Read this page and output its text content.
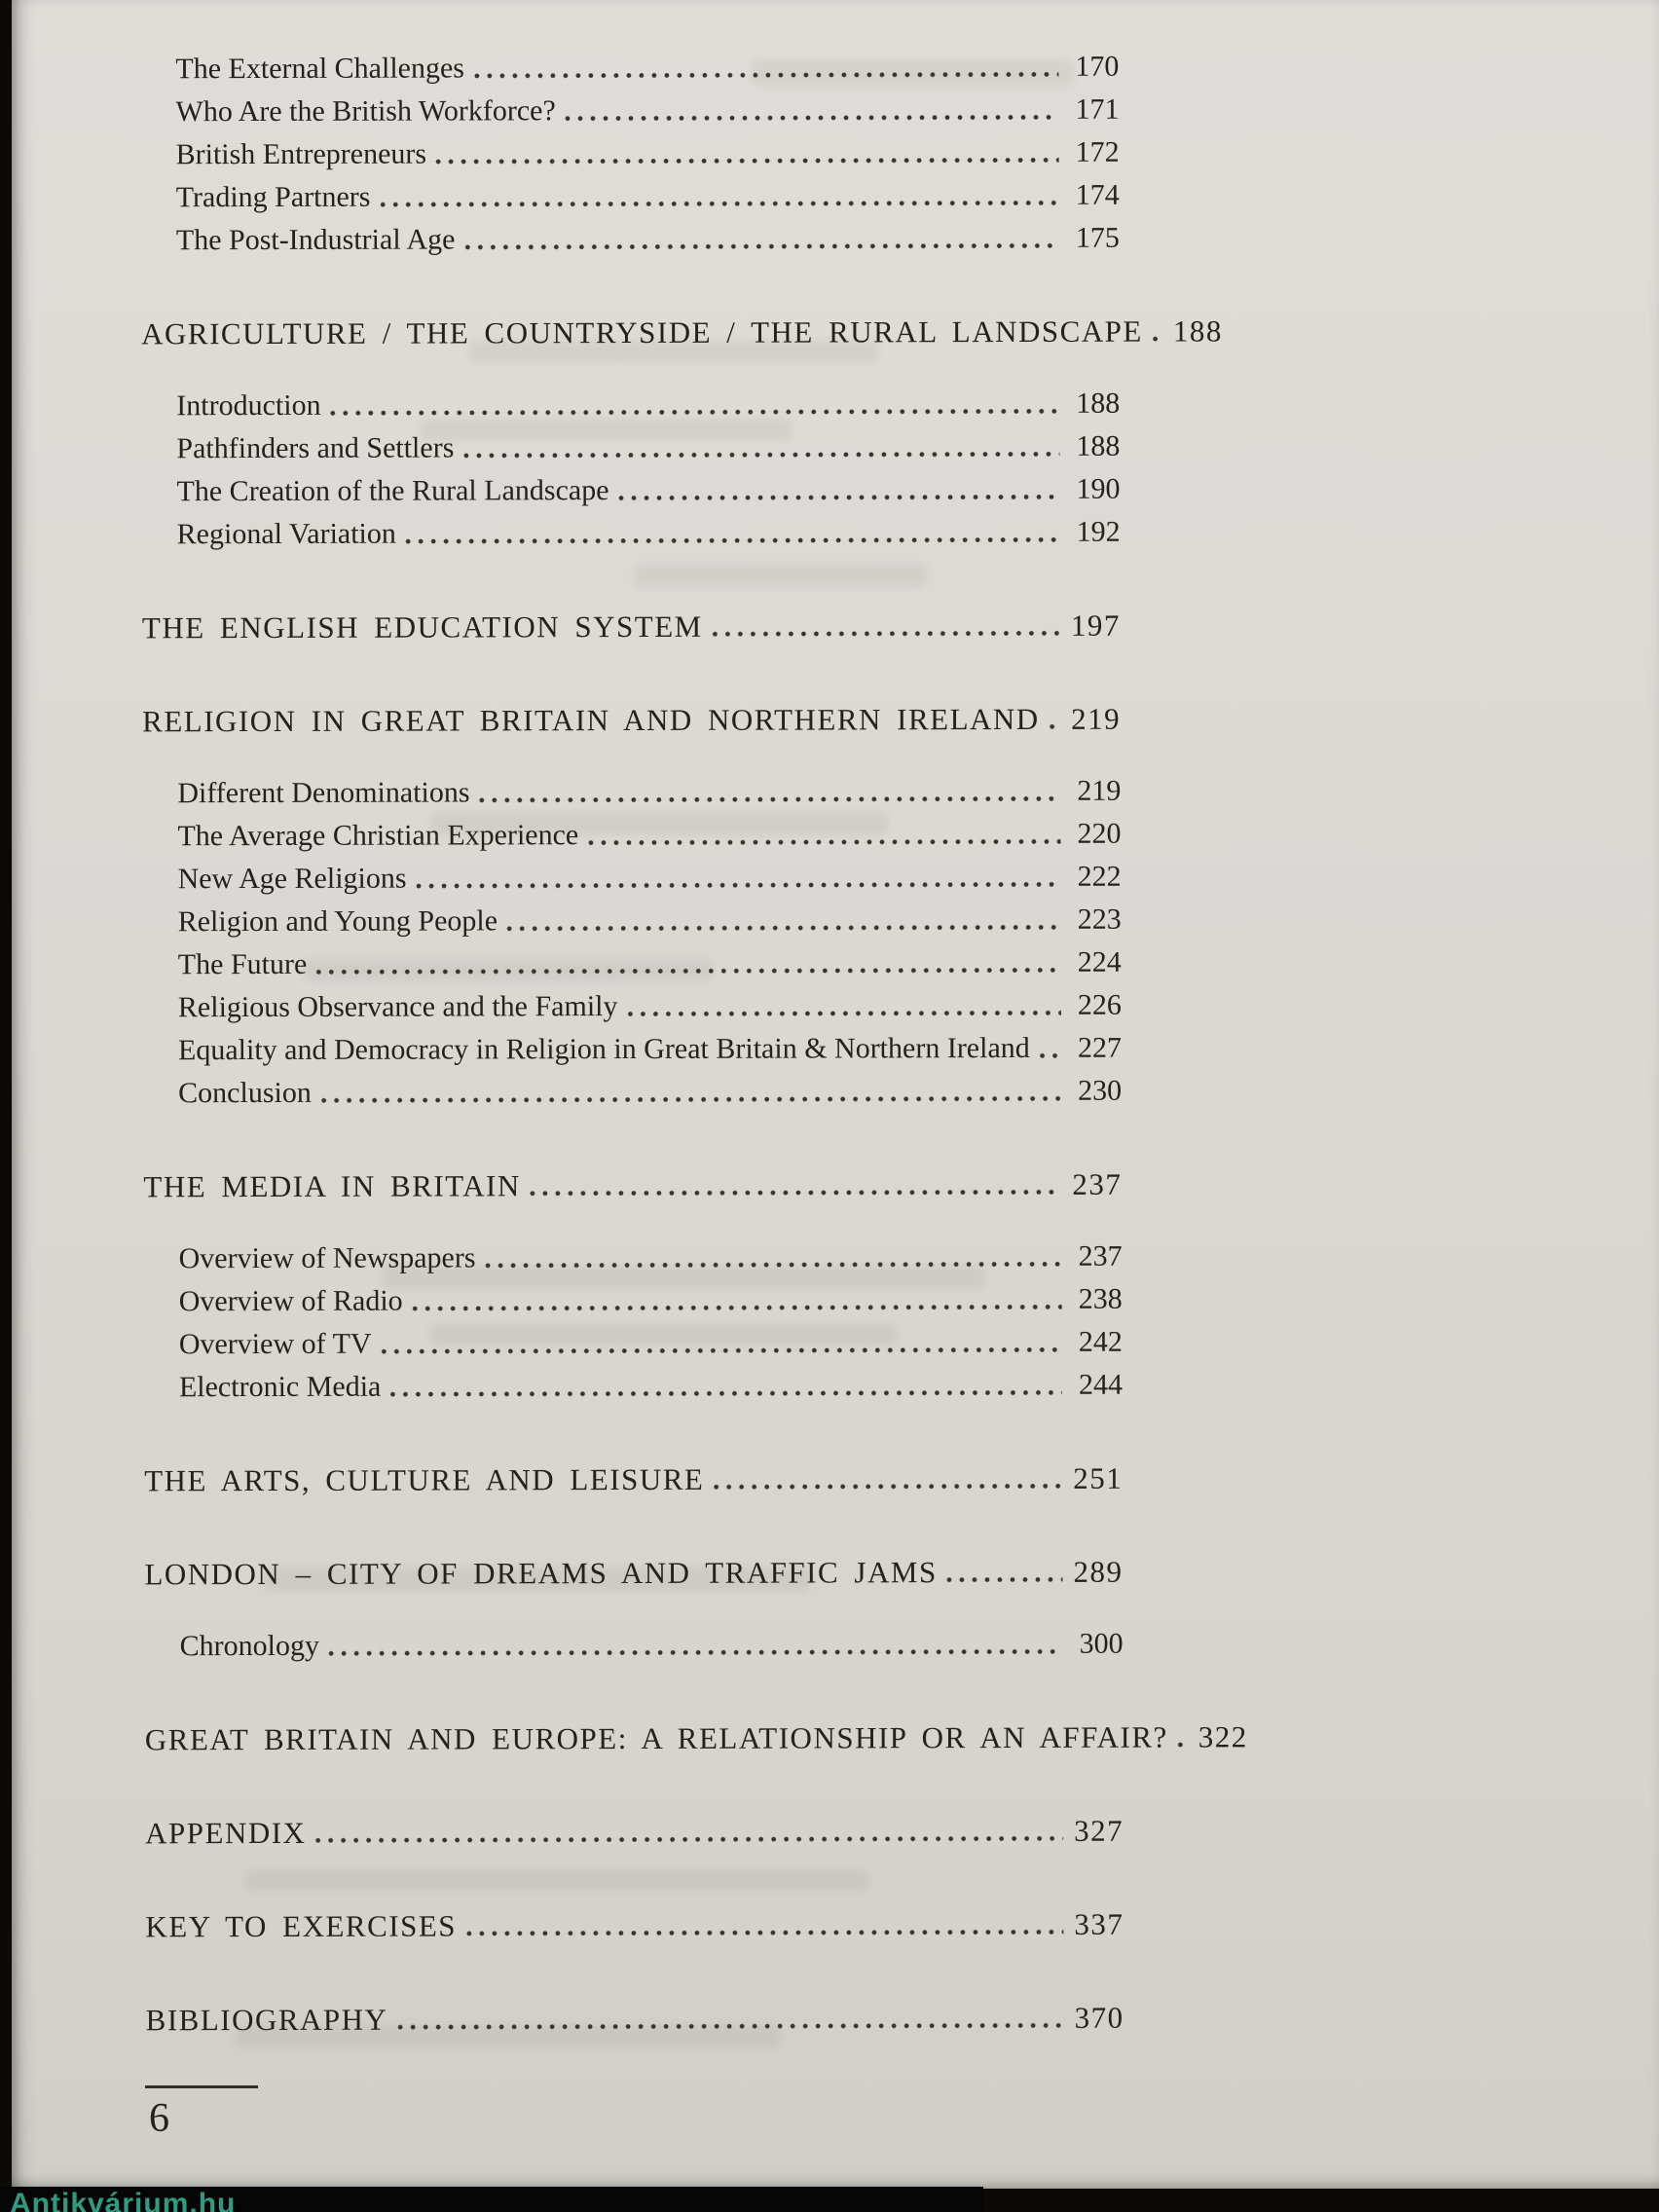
The External Challenges	170
Who Are the British Workforce?	171
British Entrepreneurs	172
Trading Partners	174
The Post-Industrial Age	175
AGRICULTURE / THE COUNTRYSIDE / THE RURAL LANDSCAPE 188
Introduction	188
Pathfinders and Settlers	188
The Creation of the Rural Landscape	190
Regional Variation	192
THE ENGLISH EDUCATION SYSTEM	197
RELIGION IN GREAT BRITAIN AND NORTHERN IRELAND 219
Different Denominations	219
The Average Christian Experience	220
New Age Religions	222
Religion and Young People	223
The Future	224
Religious Observance and the Family	226
Equality and Democracy in Religion in Great Britain & Northern Ireland	227
Conclusion	230
THE MEDIA IN BRITAIN	237
Overview of Newspapers	237
Overview of Radio	238
Overview of TV	242
Electronic Media	244
THE ARTS, CULTURE AND LEISURE	251
LONDON – CITY OF DREAMS AND TRAFFIC JAMS	289
Chronology	300
GREAT BRITAIN AND EUROPE: A RELATIONSHIP OR AN AFFAIR? 322
APPENDIX	327
KEY TO EXERCISES	337
BIBLIOGRAPHY	370
6
Antikvárium.hu
